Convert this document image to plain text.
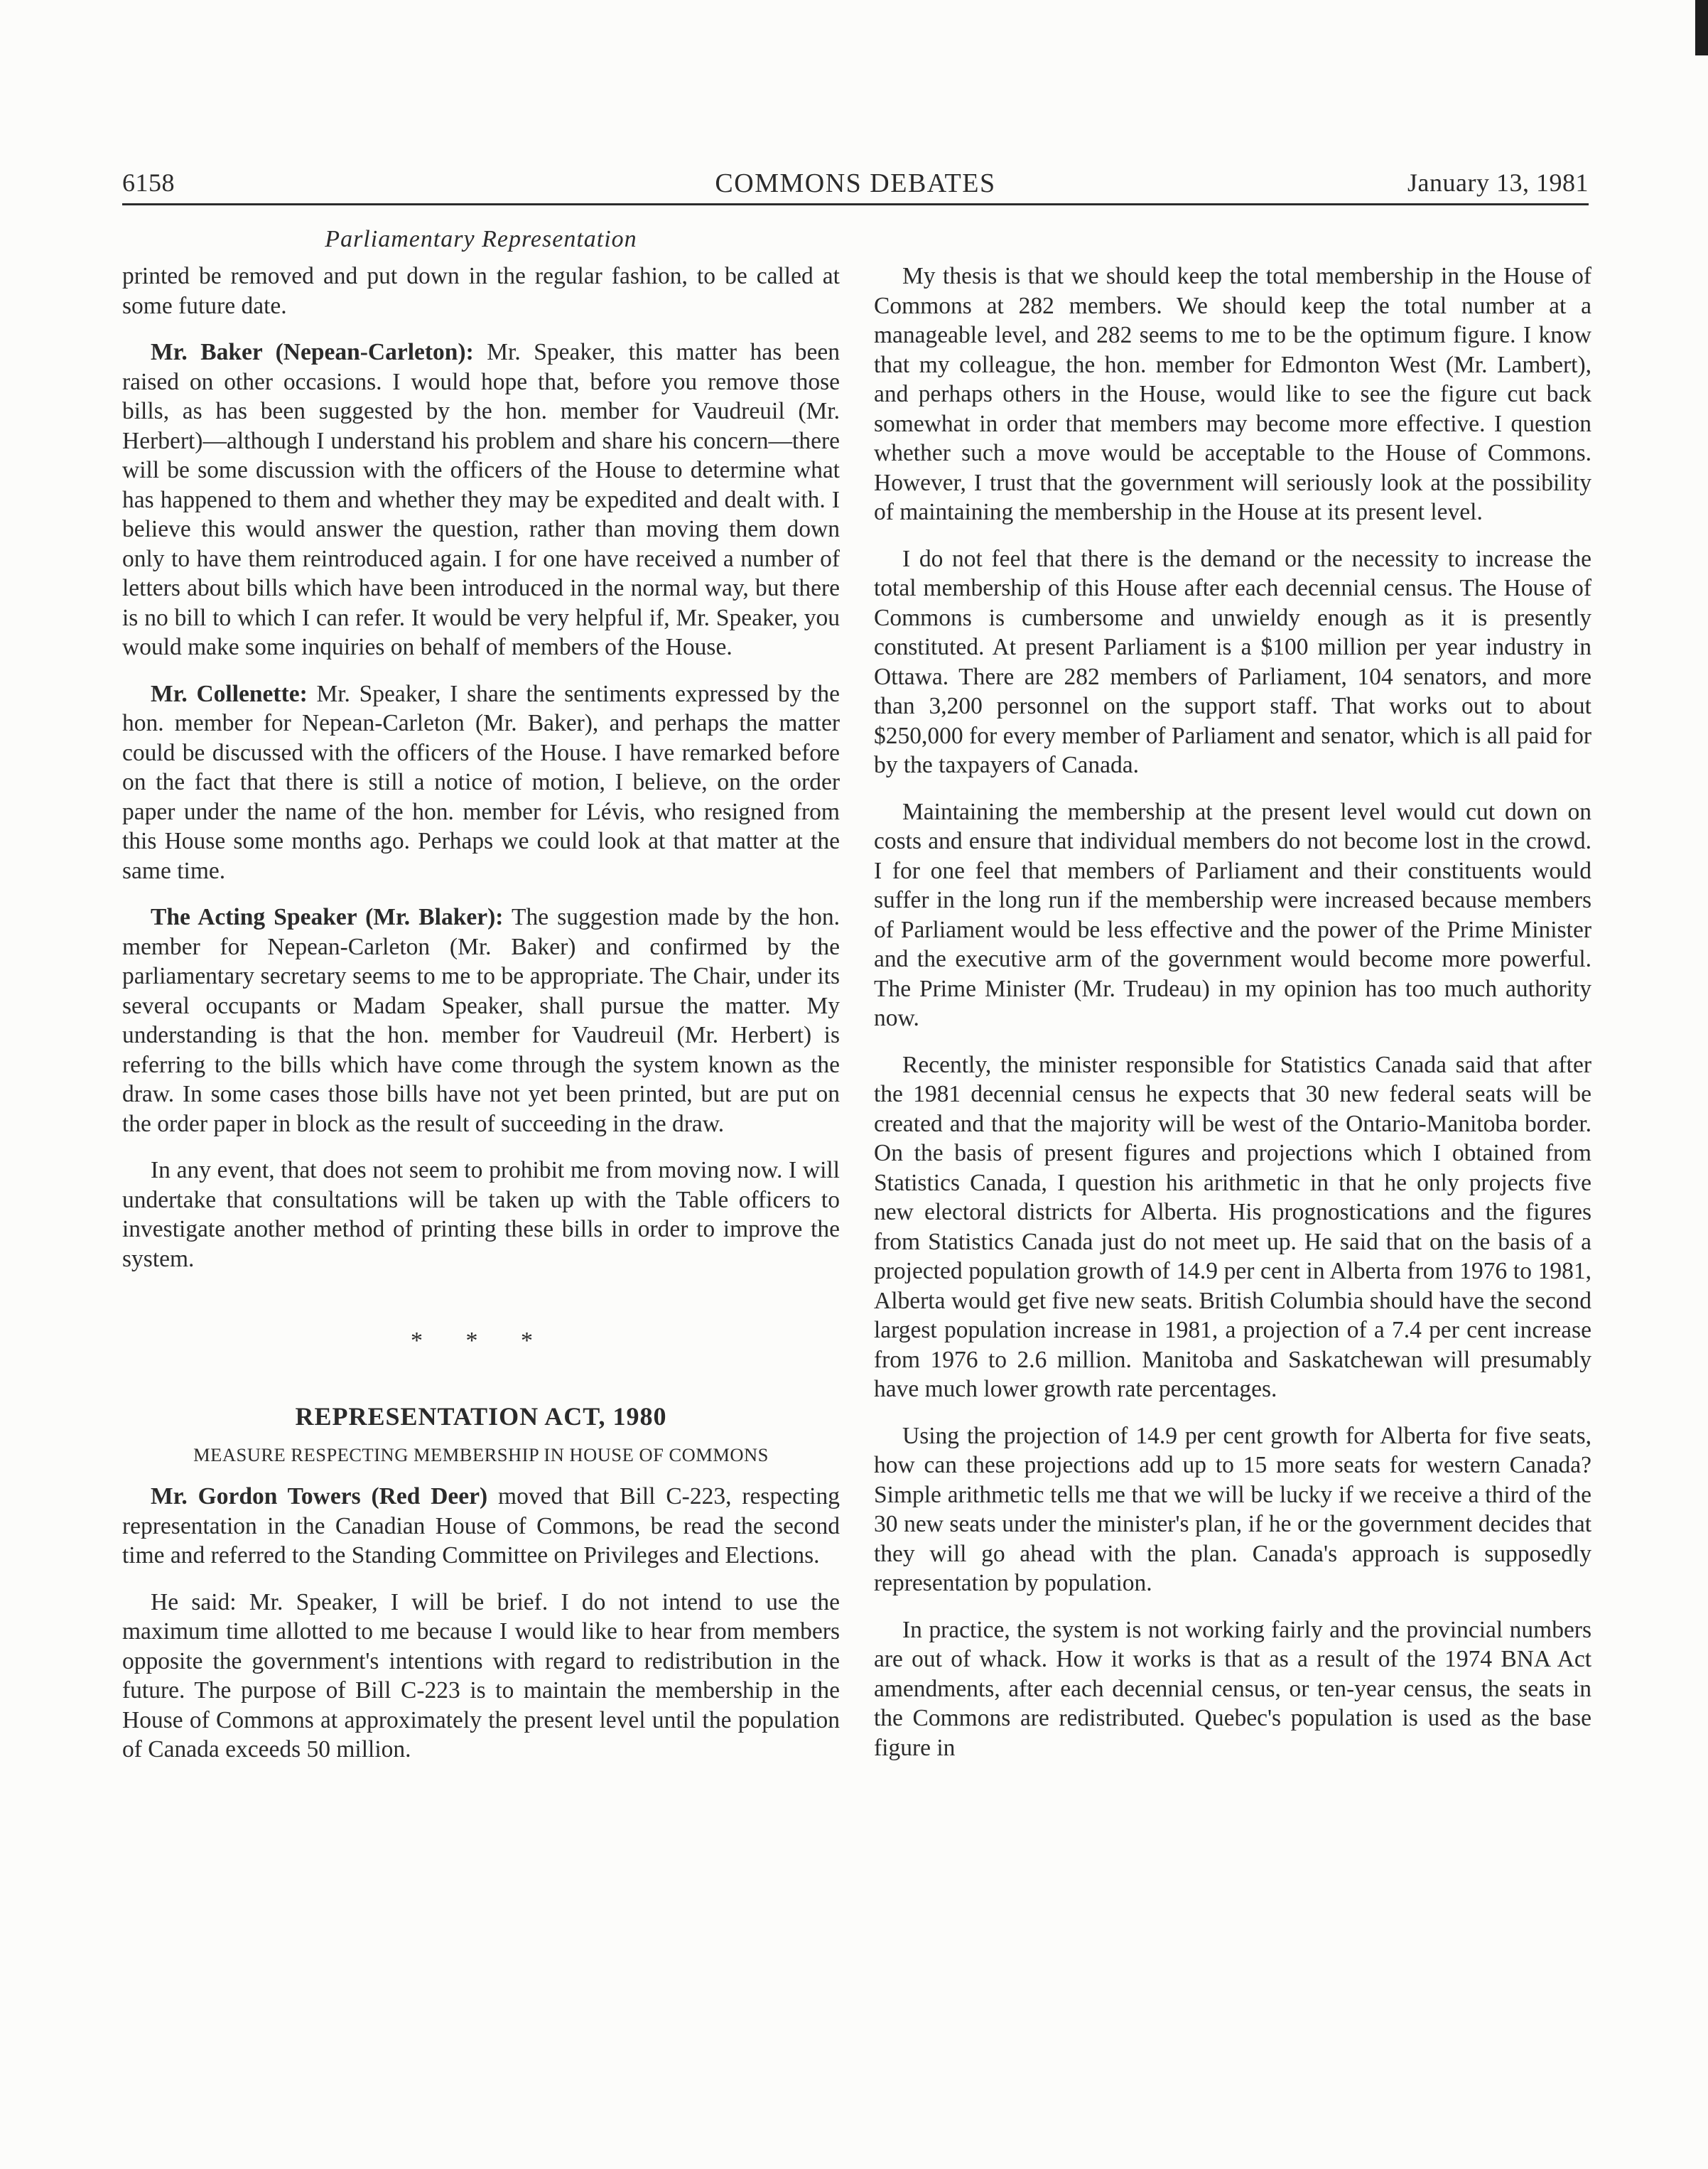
6158	COMMONS DEBATES	January 13, 1981
Parliamentary Representation

printed be removed and put down in the regular fashion, to be called at some future date.

Mr. Baker (Nepean-Carleton): Mr. Speaker, this matter has been raised on other occasions. I would hope that, before you remove those bills, as has been suggested by the hon. member for Vaudreuil (Mr. Herbert)—although I understand his problem and share his concern—there will be some discussion with the officers of the House to determine what has happened to them and whether they may be expedited and dealt with. I believe this would answer the question, rather than moving them down only to have them reintroduced again. I for one have received a number of letters about bills which have been introduced in the normal way, but there is no bill to which I can refer. It would be very helpful if, Mr. Speaker, you would make some inquiries on behalf of members of the House.

Mr. Collenette: Mr. Speaker, I share the sentiments expressed by the hon. member for Nepean-Carleton (Mr. Baker), and perhaps the matter could be discussed with the officers of the House. I have remarked before on the fact that there is still a notice of motion, I believe, on the order paper under the name of the hon. member for Lévis, who resigned from this House some months ago. Perhaps we could look at that matter at the same time.

The Acting Speaker (Mr. Blaker): The suggestion made by the hon. member for Nepean-Carleton (Mr. Baker) and confirmed by the parliamentary secretary seems to me to be appropriate. The Chair, under its several occupants or Madam Speaker, shall pursue the matter. My understanding is that the hon. member for Vaudreuil (Mr. Herbert) is referring to the bills which have come through the system known as the draw. In some cases those bills have not yet been printed, but are put on the order paper in block as the result of succeeding in the draw.

In any event, that does not seem to prohibit me from moving now. I will undertake that consultations will be taken up with the Table officers to investigate another method of printing these bills in order to improve the system.

* * *
REPRESENTATION ACT, 1980
MEASURE RESPECTING MEMBERSHIP IN HOUSE OF COMMONS

Mr. Gordon Towers (Red Deer) moved that Bill C-223, respecting representation in the Canadian House of Commons, be read the second time and referred to the Standing Committee on Privileges and Elections.

He said: Mr. Speaker, I will be brief. I do not intend to use the maximum time allotted to me because I would like to hear from members opposite the government's intentions with regard to redistribution in the future. The purpose of Bill C-223 is to maintain the membership in the House of Commons at approximately the present level until the population of Canada exceeds 50 million.

My thesis is that we should keep the total membership in the House of Commons at 282 members. We should keep the total number at a manageable level, and 282 seems to me to be the optimum figure. I know that my colleague, the hon. member for Edmonton West (Mr. Lambert), and perhaps others in the House, would like to see the figure cut back somewhat in order that members may become more effective. I question whether such a move would be acceptable to the House of Commons. However, I trust that the government will seriously look at the possibility of maintaining the membership in the House at its present level.

I do not feel that there is the demand or the necessity to increase the total membership of this House after each decennial census. The House of Commons is cumbersome and unwieldy enough as it is presently constituted. At present Parliament is a $100 million per year industry in Ottawa. There are 282 members of Parliament, 104 senators, and more than 3,200 personnel on the support staff. That works out to about $250,000 for every member of Parliament and senator, which is all paid for by the taxpayers of Canada.

Maintaining the membership at the present level would cut down on costs and ensure that individual members do not become lost in the crowd. I for one feel that members of Parliament and their constituents would suffer in the long run if the membership were increased because members of Parliament would be less effective and the power of the Prime Minister and the executive arm of the government would become more powerful. The Prime Minister (Mr. Trudeau) in my opinion has too much authority now.

Recently, the minister responsible for Statistics Canada said that after the 1981 decennial census he expects that 30 new federal seats will be created and that the majority will be west of the Ontario-Manitoba border. On the basis of present figures and projections which I obtained from Statistics Canada, I question his arithmetic in that he only projects five new electoral districts for Alberta. His prognostications and the figures from Statistics Canada just do not meet up. He said that on the basis of a projected population growth of 14.9 per cent in Alberta from 1976 to 1981, Alberta would get five new seats. British Columbia should have the second largest population increase in 1981, a projection of a 7.4 per cent increase from 1976 to 2.6 million. Manitoba and Saskatchewan will presumably have much lower growth rate percentages.

Using the projection of 14.9 per cent growth for Alberta for five seats, how can these projections add up to 15 more seats for western Canada? Simple arithmetic tells me that we will be lucky if we receive a third of the 30 new seats under the minister's plan, if he or the government decides that they will go ahead with the plan. Canada's approach is supposedly representation by population.

In practice, the system is not working fairly and the provincial numbers are out of whack. How it works is that as a result of the 1974 BNA Act amendments, after each decennial census, or ten-year census, the seats in the Commons are redistributed. Quebec's population is used as the base figure in
